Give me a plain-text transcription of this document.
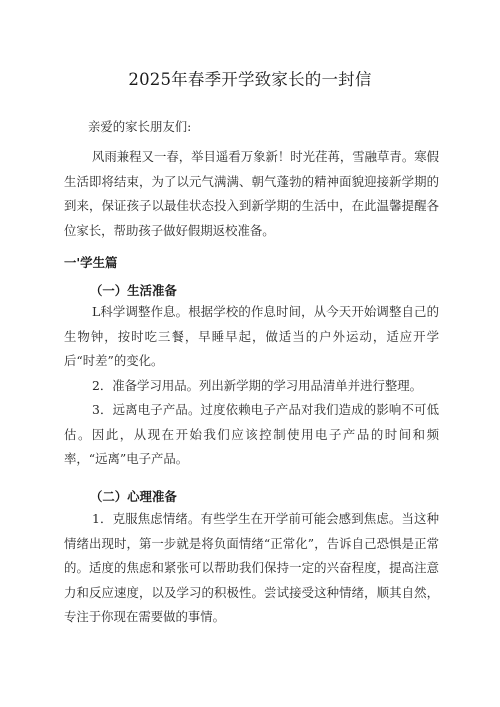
2025年春季开学致家长的一封信
亲爱的家长朋友们:

风雨兼程又一春，举目遥看万象新！时光荏苒，雪融草青。寒假生活即将结束，为了以元气满满、朝气蓬勃的精神面貌迎接新学期的到来，保证孩子以最佳状态投入到新学期的生活中，在此温馨提醒各位家长，帮助孩子做好假期返校准备。

一'学生篇
（一）生活准备

L科学调整作息。根据学校的作息时间，从今天开始调整自己的生物钟，按时吃三餐，早睡早起，做适当的户外运动，适应开学后“时差”的变化。

2．准备学习用品。列出新学期的学习用品清单并进行整理。

3．远离电子产品。过度依赖电子产品对我们造成的影响不可低估。因此，从现在开始我们应该控制使用电子产品的时间和频率，“远离”电子产品。

（二）心理准备

1．克服焦虑情绪。有些学生在开学前可能会感到焦虑。当这种情绪出现时，第一步就是将负面情绪“正常化”，告诉自己恐惧是正常的。适度的焦虑和紧张可以帮助我们保持一定的兴奋程度，提高注意力和反应速度，以及学习的积极性。尝试接受这种情绪，顺其自然，专注于你现在需要做的事情。
